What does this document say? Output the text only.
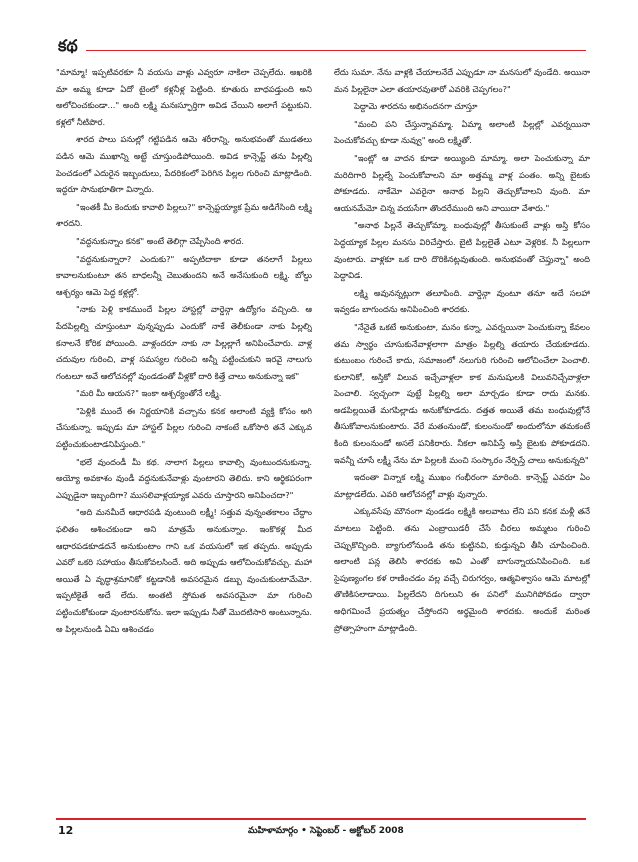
కథ

"మామ్మా! ఇప్పటివరకూ నీ వయసు వాళ్లు ఎవ్వరూ నాకిలా చెప్పలేదు. అఖరికి మా అమ్మ కూడా ఏదో టైంలో కళ్లనీళ్ల పెట్టింది. కూతురు బాధపడ్తుంది అని అలోచించకుండా..." అంది లక్ష్మి మనఃస్ఫూర్తిగా అవిడ చేయిని అలాగే పట్టుకుని. కళ్లలో నీటిపొర.

శారద పాలు పనుల్లో గట్టిపడిన ఆమె శరీరాన్ని, అనుభవంతో ముడతలు పడిన ఆమె ముఖాన్ని అట్టే చూస్తుండిపోయింది. అవిడ కాన్సెప్ట్ తను పిల్లల్ని పెంచడంలో ఎదురైన ఇబ్బందులు, పేదరికంలో పెరిగిన పిల్లల గురించి మాట్లాడింది. ఇద్దరూ సానుభూతిగా విన్నారు.

"ఇంతకీ మీ కెందుకు కావాలి పిల్లలు?" కాన్సెప్టయ్యాక ప్రేమ అడిగేసింది లక్ష్మి శారదని.

"వద్దనుకున్నాం కనక" అంటే తెలిగ్గా చెప్పేసింది శారద.

"వద్దనుకున్నారా? ఎందుకు?" అప్పటిదాకా కూడా తనలాగే పిల్లలు కావాలనుకుంటూ తన బాధలన్నీ చెబుతుందని అనే అనేసుకుంది లక్ష్మి. బోల్డు ఆశ్చర్యం ఆమె పెద్ద కళ్లల్లో.

"నాకు పెళ్లి కాకముందే పిల్లల హాస్టల్లో వార్డెన్గా ఉద్యోగం వచ్చింది. ఆ పేదపిల్లల్ని చూస్తుంటూ వున్నప్పుడు ఎందుకో నాకే తెలీకుండా నాకు పిల్లల్ని కనాలనే కోరిక పోయింది. వాళ్లందరూ నాకు నా పిల్లల్లాగే అనిపించేవారు. వాళ్ల చదువుల గురించి, వాళ్ల సమస్యల గురించి అన్నీ పట్టించుకుని ఇరవై నాలుగు గంటలూ అవే ఆలోచనల్లో వుండడంతో వీళ్లకో దారి కిత్తే చాలు అనుకున్నా ఇక"

"మరి మీ ఆయన?" ఇంకా ఆశ్చర్యంతోనే లక్ష్మి.

"పెళ్లికి ముందే ఈ నిర్ణయానికి వచ్చాను కనక అలాంటి వ్యక్తి కోసం అగి చేసుకున్నా. ఇప్పుడు మా హాస్టల్ పిల్లల గురించి నాకంటే ఒకోసారి తనే ఎక్కువ పట్టించుకుంటాడనిపిస్తుంది."

"భలే వుందండీ మీ కథ. నాలాగ పిల్లలు కావాల్సి వుంటుందనుకున్నా. అయ్యో అవకాశం వుండీ వద్దనుకునేవాళ్లు వుంటారని తెలిదు. కాని ఆర్థికపరంగా ఎప్పుడైనా ఇబ్బందిగా? ముసలివాళ్లయ్యాక ఎవరు చూస్తారని అనిపించదా?"

"అది మనమీదే ఆధారపడి వుంటుంది లక్ష్మీ! సత్తువ వున్నంతకాలం చేద్దాం ఫలితం ఆశించకుండా అని మాత్రమే అనుకున్నాం. ఇంకొకళ్ల మీద ఆధారపడకూడదనే అనుకుంటాం గాని ఒక వయసులో ఇక తప్పదు. అప్పుడు ఎవరో ఒకరి సహాయం తీసుకోవలసిందే. అది అప్పుడు ఆలోచించుకోవచ్చు. మహా అయితే ఏ వృద్ధాశ్రమానికో కట్టడానికి అవసరమైన డబ్బు వుంచుకుంటామేమో. ఇప్పటికైతే అదే లేదు. అంతటి స్తోమత అవసరమైనా మా గురించి పట్టించుకోకుండా వుంటారనుకోను. ఇలా ఇప్పుడు నీతో మొదటిసారి అంటున్నాను. అ పిల్లలనుండి ఏమి ఆశించడం

లేదు సుమా. నేను వాళ్లకి చేయాలనేదే ఎప్పుడూ నా మనసులో వుండేది. అయినా మన పిల్లలైనా ఎలా తయారవుతారో ఎవరికి చెప్పగలం?"

పెద్దామె శారదను అభినందనగా చూస్తూ

"మంచి పని చేస్తున్నావమ్మా. ఏమ్మా అలాంటి పిల్లల్లో ఎవర్నయినా పెంచుకోవచ్చు కూడా నువ్వు" అంది లక్ష్మితో.

"ఇంట్లో ఆ వాదన కూడా అయ్యింది మామ్మా. అలా పెంచుకున్నా మా మరిదిగారి పిల్లల్నే పెంచుకోవాలని మా అత్తమ్మ వాళ్ల పంతం. అన్ని బైటకు పోకూడదు. నాకేమో ఎవరైనా అనాథ పిల్లని తెచ్చుకోవాలని వుంది. మా ఆయనమేమో చిన్న వయసేగా తొందరేముంది అని వాయిదా వేశారు."

"అనాథ పిల్లనే తెచ్చుకోమ్మా. బంధువుల్లో తీసుకుంటే వాళ్లు అస్తి కోసం పెద్దయ్యాక పిల్లల మనసు విరిచేస్తారు. బైటి పిల్లలైతే ఎటూ వెళ్లరిక. నీ పిల్లలుగా వుంటారు. వాళ్లకూ ఒక దారి దొరికినట్లవుతుంది. అనుభవంతో చెప్తున్నా" అంది పెద్దావిడ.

లక్ష్మి అవునన్నట్లుగా తలూపింది. వార్డెన్గా వుంటూ తనూ అదే సలహా ఇవ్వడం బాగుందను అనిపించింది శారదకు.

"నేనైతే ఒకటే అనుకుంటా, మనం కన్నా, ఎవర్నయినా పెంచుకున్నా కేవలం తమ స్వార్థం చూసుకునేవాళ్లలాగా మాత్రం పిల్లల్ని తయారు చేయకూడదు. కుటుంబం గురించే కాదు, సమాజంలో నలుగురి గురించి ఆలోచించేలా పెంచాలి. కులానికో, అస్తికో విలువ ఇచ్చేవాళ్లలా కాక మనుషులకి విలువనిచ్చేవాళ్లలా పెంచాలి. స్వచ్ఛంగా పుట్టే పిల్లల్ని అలా మార్చడం కూడా రాదు మనకు. అడపిల్లయితే మగపిల్లాడు అనుకోకూడదు. దత్తత అయితే తమ బంధువుల్లోనే తీసుకోవాలనుకుంటారు. వేరే మతంనుండో, కులంనుండో అందులోనూ తమకంటే కింది కులంనుండో అసలే పనికిరారు. నీకలా అనిపిస్తే అస్తి బైటకు పోకూడదని. ఇవన్నీ చూసే లక్ష్మీ నేను మా పిల్లలకి మంచి సంస్కారం నేర్పిస్తే చాలు అనుకున్నది"

ఇదంతా విన్నాక లక్ష్మి ముఖం గంభీరంగా మారింది. కాన్సెప్ట్ ఎవరూ ఏం మాట్లాడలేదు. ఎవరి ఆలోచనల్లో వాళ్లు వున్నారు.

ఎక్కువసేపు మౌనంగా వుండడం లక్ష్మికి అలవాటు లేని పని కనక మళ్లీ తనే మాటలు పెట్టింది. తను ఎంబ్రాయిడరీ చేసే చీరలు అమ్మటం గురించి చెప్పుకొచ్చింది. బ్యాగులోనుండి తను కుట్టినవి, కుడ్తున్నవి తీసి చూపించింది. అలాంటి పన్ల తెలిసి శారదకు అవి ఎంతో బాగున్నాయనిపించింది. ఒక సైపుణ్యంగల కళ రాణించడం వల్ల వచ్చే చిరుగర్వం, ఆత్మవిశ్వాసం ఆమె మాటల్లో తొణికిసలాడాయి. పిల్లలేదని దిగులుని ఈ పనిలో మునిగిపోవడం ద్వారా అధిగమించే ప్రయత్నం చేస్తోందని అర్థమైంది శారదకు. అందుకే మరింత ప్రోత్సాహంగా మాట్లాడింది.

12	మహిళామార్గం • సెప్టెంబర్ - అక్టోబర్ 2008
